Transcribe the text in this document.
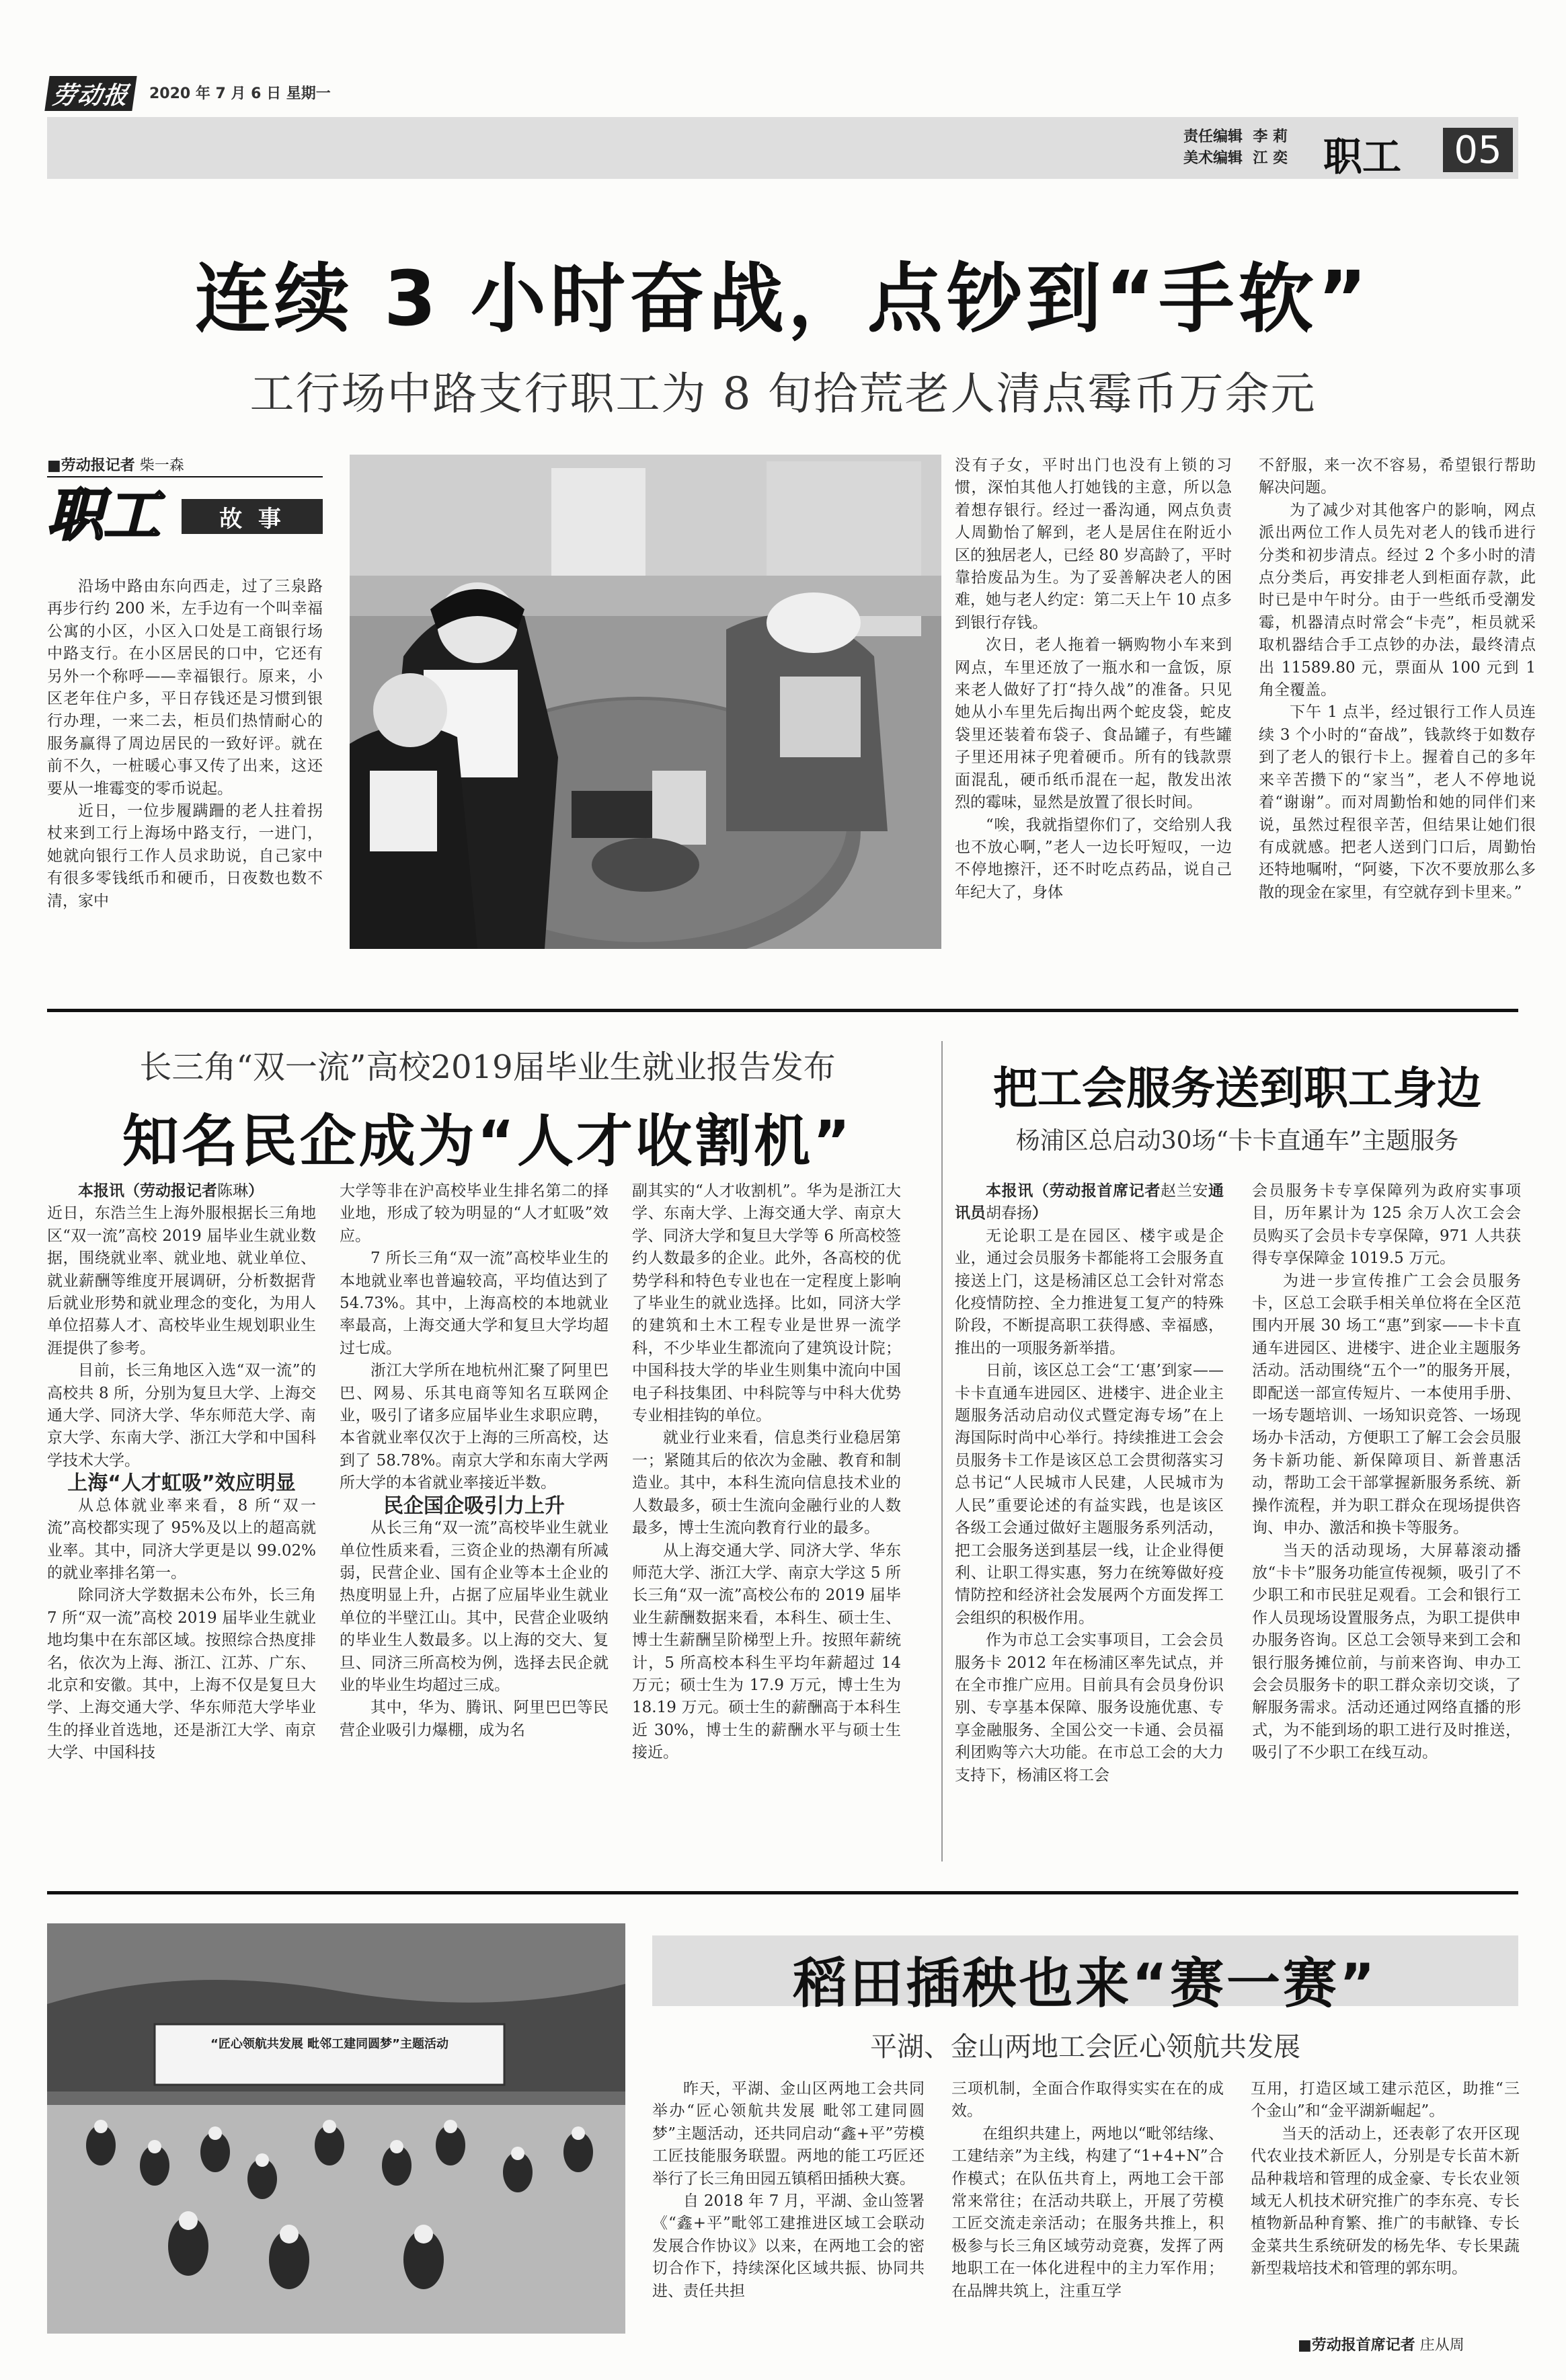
劳动报	2020 年 7 月 6 日 星期一
责任编辑 李 莉
美术编辑 江 奕 职工 05
连续 3 小时奋战，点钞到“手软”
工行场中路支行职工为 8 旬拾荒老人清点霉币万余元
■劳动报记者 柴一森
职工	故 事

沿场中路由东向西走，过了三泉路再步行约 200 米，左手边有一个叫幸福公寓的小区，小区入口处是工商银行场中路支行。在小区居民的口中，它还有另外一个称呼——幸福银行。原来，小区老年住户多，平日存钱还是习惯到银行办理，一来二去，柜员们热情耐心的服务赢得了周边居民的一致好评。就在前不久，一桩暖心事又传了出来，这还要从一堆霉变的零币说起。

近日，一位步履蹒跚的老人拄着拐杖来到工行上海场中路支行，一进门，她就向银行工作人员求助说，自己家中有很多零钱纸币和硬币，日夜数也数不清，家中

没有子女，平时出门也没有上锁的习惯，深怕其他人打她钱的主意，所以急着想存银行。经过一番沟通，网点负责人周勤怡了解到，老人是居住在附近小区的独居老人，已经 80 岁高龄了，平时靠拾废品为生。为了妥善解决老人的困难，她与老人约定：第二天上午 10 点多到银行存钱。

次日，老人拖着一辆购物小车来到网点，车里还放了一瓶水和一盒饭，原来老人做好了打“持久战”的准备。只见她从小车里先后掏出两个蛇皮袋，蛇皮袋里还装着布袋子、食品罐子，有些罐子里还用袜子兜着硬币。所有的钱款票面混乱，硬币纸币混在一起，散发出浓烈的霉味，显然是放置了很长时间。

“唉，我就指望你们了，交给别人我也不放心啊，”老人一边长吁短叹，一边不停地擦汗，还不时吃点药品，说自己年纪大了，身体

不舒服，来一次不容易，希望银行帮助解决问题。

为了减少对其他客户的影响，网点派出两位工作人员先对老人的钱币进行分类和初步清点。经过 2 个多小时的清点分类后，再安排老人到柜面存款，此时已是中午时分。由于一些纸币受潮发霉，机器清点时常会“卡壳”，柜员就采取机器结合手工点钞的办法，最终清点出 11589.80 元，票面从 100 元到 1 角全覆盖。

下午 1 点半，经过银行工作人员连续 3 个小时的“奋战”，钱款终于如数存到了老人的银行卡上。握着自己的多年来辛苦攒下的“家当”，老人不停地说着“谢谢”。而对周勤怡和她的同伴们来说，虽然过程很辛苦，但结果让她们很有成就感。把老人送到门口后，周勤怡还特地嘱咐，“阿婆，下次不要放那么多散的现金在家里，有空就存到卡里来。”

长三角“双一流”高校2019届毕业生就业报告发布
知名民企成为“人才收割机”

本报讯（劳动报记者陈琳）

近日，东浩兰生上海外服根据长三角地区“双一流”高校 2019 届毕业生就业数据，围绕就业率、就业地、就业单位、就业薪酬等维度开展调研，分析数据背后就业形势和就业理念的变化，为用人单位招募人才、高校毕业生规划职业生涯提供了参考。

目前，长三角地区入选“双一流”的高校共 8 所，分别为复旦大学、上海交通大学、同济大学、华东师范大学、南京大学、东南大学、浙江大学和中国科学技术大学。

上海“人才虹吸”效应明显

从总体就业率来看，8 所“双一流”高校都实现了 95%及以上的超高就业率。其中，同济大学更是以 99.02%的就业率排名第一。

除同济大学数据未公布外，长三角 7 所“双一流”高校 2019 届毕业生就业地均集中在东部区域。按照综合热度排名，依次为上海、浙江、江苏、广东、北京和安徽。其中，上海不仅是复旦大学、上海交通大学、华东师范大学毕业生的择业首选地，还是浙江大学、南京大学、中国科技

大学等非在沪高校毕业生排名第二的择业地，形成了较为明显的“人才虹吸”效应。

7 所长三角“双一流”高校毕业生的本地就业率也普遍较高，平均值达到了 54.73%。其中，上海高校的本地就业率最高，上海交通大学和复旦大学均超过七成。

浙江大学所在地杭州汇聚了阿里巴巴、网易、乐其电商等知名互联网企业，吸引了诸多应届毕业生求职应聘，本省就业率仅次于上海的三所高校，达到了 58.78%。南京大学和东南大学两所大学的本省就业率接近半数。

民企国企吸引力上升

从长三角“双一流”高校毕业生就业单位性质来看，三资企业的热潮有所减弱，民营企业、国有企业等本土企业的热度明显上升，占据了应届毕业生就业单位的半壁江山。其中，民营企业吸纳的毕业生人数最多。以上海的交大、复旦、同济三所高校为例，选择去民企就业的毕业生均超过三成。

其中，华为、腾讯、阿里巴巴等民营企业吸引力爆棚，成为名

副其实的“人才收割机”。华为是浙江大学、东南大学、上海交通大学、南京大学、同济大学和复旦大学等 6 所高校签约人数最多的企业。此外，各高校的优势学科和特色专业也在一定程度上影响了毕业生的就业选择。比如，同济大学的建筑和土木工程专业是世界一流学科，不少毕业生都流向了建筑设计院；中国科技大学的毕业生则集中流向中国电子科技集团、中科院等与中科大优势专业相挂钩的单位。

就业行业来看，信息类行业稳居第一；紧随其后的依次为金融、教育和制造业。其中，本科生流向信息技术业的人数最多，硕士生流向金融行业的人数最多，博士生流向教育行业的最多。

从上海交通大学、同济大学、华东师范大学、浙江大学、南京大学这 5 所长三角“双一流”高校公布的 2019 届毕业生薪酬数据来看，本科生、硕士生、博士生薪酬呈阶梯型上升。按照年薪统计，5 所高校本科生平均年薪超过 14 万元；硕士生为 17.9 万元，博士生为 18.19 万元。硕士生的薪酬高于本科生近 30%，博士生的薪酬水平与硕士生接近。

把工会服务送到职工身边
杨浦区总启动30场“卡卡直通车”主题服务

本报讯（劳动报首席记者赵兰安通讯员胡春扬）

无论职工是在园区、楼宇或是企业，通过会员服务卡都能将工会服务直接送上门，这是杨浦区总工会针对常态化疫情防控、全力推进复工复产的特殊阶段，不断提高职工获得感、幸福感，推出的一项服务新举措。

日前，该区总工会“工‘惠’到家——卡卡直通车进园区、进楼宇、进企业主题服务活动启动仪式暨定海专场”在上海国际时尚中心举行。持续推进工会会员服务卡工作是该区总工会贯彻落实习总书记“人民城市人民建，人民城市为人民”重要论述的有益实践，也是该区各级工会通过做好主题服务系列活动，把工会服务送到基层一线，让企业得便利、让职工得实惠，努力在统筹做好疫情防控和经济社会发展两个方面发挥工会组织的积极作用。

作为市总工会实事项目，工会会员服务卡 2012 年在杨浦区率先试点，并在全市推广应用。目前具有会员身份识别、专享基本保障、服务设施优惠、专享金融服务、全国公交一卡通、会员福利团购等六大功能。在市总工会的大力支持下，杨浦区将工会

会员服务卡专享保障列为政府实事项目，历年累计为 125 余万人次工会会员购买了会员卡专享保障，971 人共获得专享保障金 1019.5 万元。

为进一步宣传推广工会会员服务卡，区总工会联手相关单位将在全区范围内开展 30 场工“惠”到家——卡卡直通车进园区、进楼宇、进企业主题服务活动。活动围绕“五个一”的服务开展，即配送一部宣传短片、一本使用手册、一场专题培训、一场知识竞答、一场现场办卡活动，方便职工了解工会会员服务卡新功能、新保障项目、新普惠活动，帮助工会干部掌握新服务系统、新操作流程，并为职工群众在现场提供咨询、申办、激活和换卡等服务。

当天的活动现场，大屏幕滚动播放“卡卡”服务功能宣传视频，吸引了不少职工和市民驻足观看。工会和银行工作人员现场设置服务点，为职工提供申办服务咨询。区总工会领导来到工会和银行服务摊位前，与前来咨询、申办工会会员服务卡的职工群众亲切交谈，了解服务需求。活动还通过网络直播的形式，为不能到场的职工进行及时推送，吸引了不少职工在线互动。

“匠心领航共发展 毗邻工建同圆梦”主题活动
稻田插秧也来“赛一赛”
平湖、金山两地工会匠心领航共发展

昨天，平湖、金山区两地工会共同举办“匠心领航共发展 毗邻工建同圆梦”主题活动，还共同启动“鑫+平”劳模工匠技能服务联盟。两地的能工巧匠还举行了长三角田园五镇稻田插秧大赛。

自 2018 年 7 月，平湖、金山签署《“鑫+平”毗邻工建推进区域工会联动发展合作协议》以来，在两地工会的密切合作下，持续深化区域共振、协同共进、责任共担

三项机制，全面合作取得实实在在的成效。

在组织共建上，两地以“毗邻结缘、工建结亲”为主线，构建了“1+4+N”合作模式；在队伍共育上，两地工会干部常来常往；在活动共联上，开展了劳模工匠交流走亲活动；在服务共推上，积极参与长三角区域劳动竞赛，发挥了两地职工在一体化进程中的主力军作用；在品牌共筑上，注重互学

互用，打造区域工建示范区，助推“三个金山”和“金平湖新崛起”。

当天的活动上，还表彰了农开区现代农业技术新匠人，分别是专长苗木新品种栽培和管理的成金豪、专长农业领域无人机技术研究推广的李东亮、专长植物新品种育繁、推广的韦献锋、专长金菜共生系统研发的杨先华、专长果蔬新型栽培技术和管理的郭东明。

■劳动报首席记者 庄从周
